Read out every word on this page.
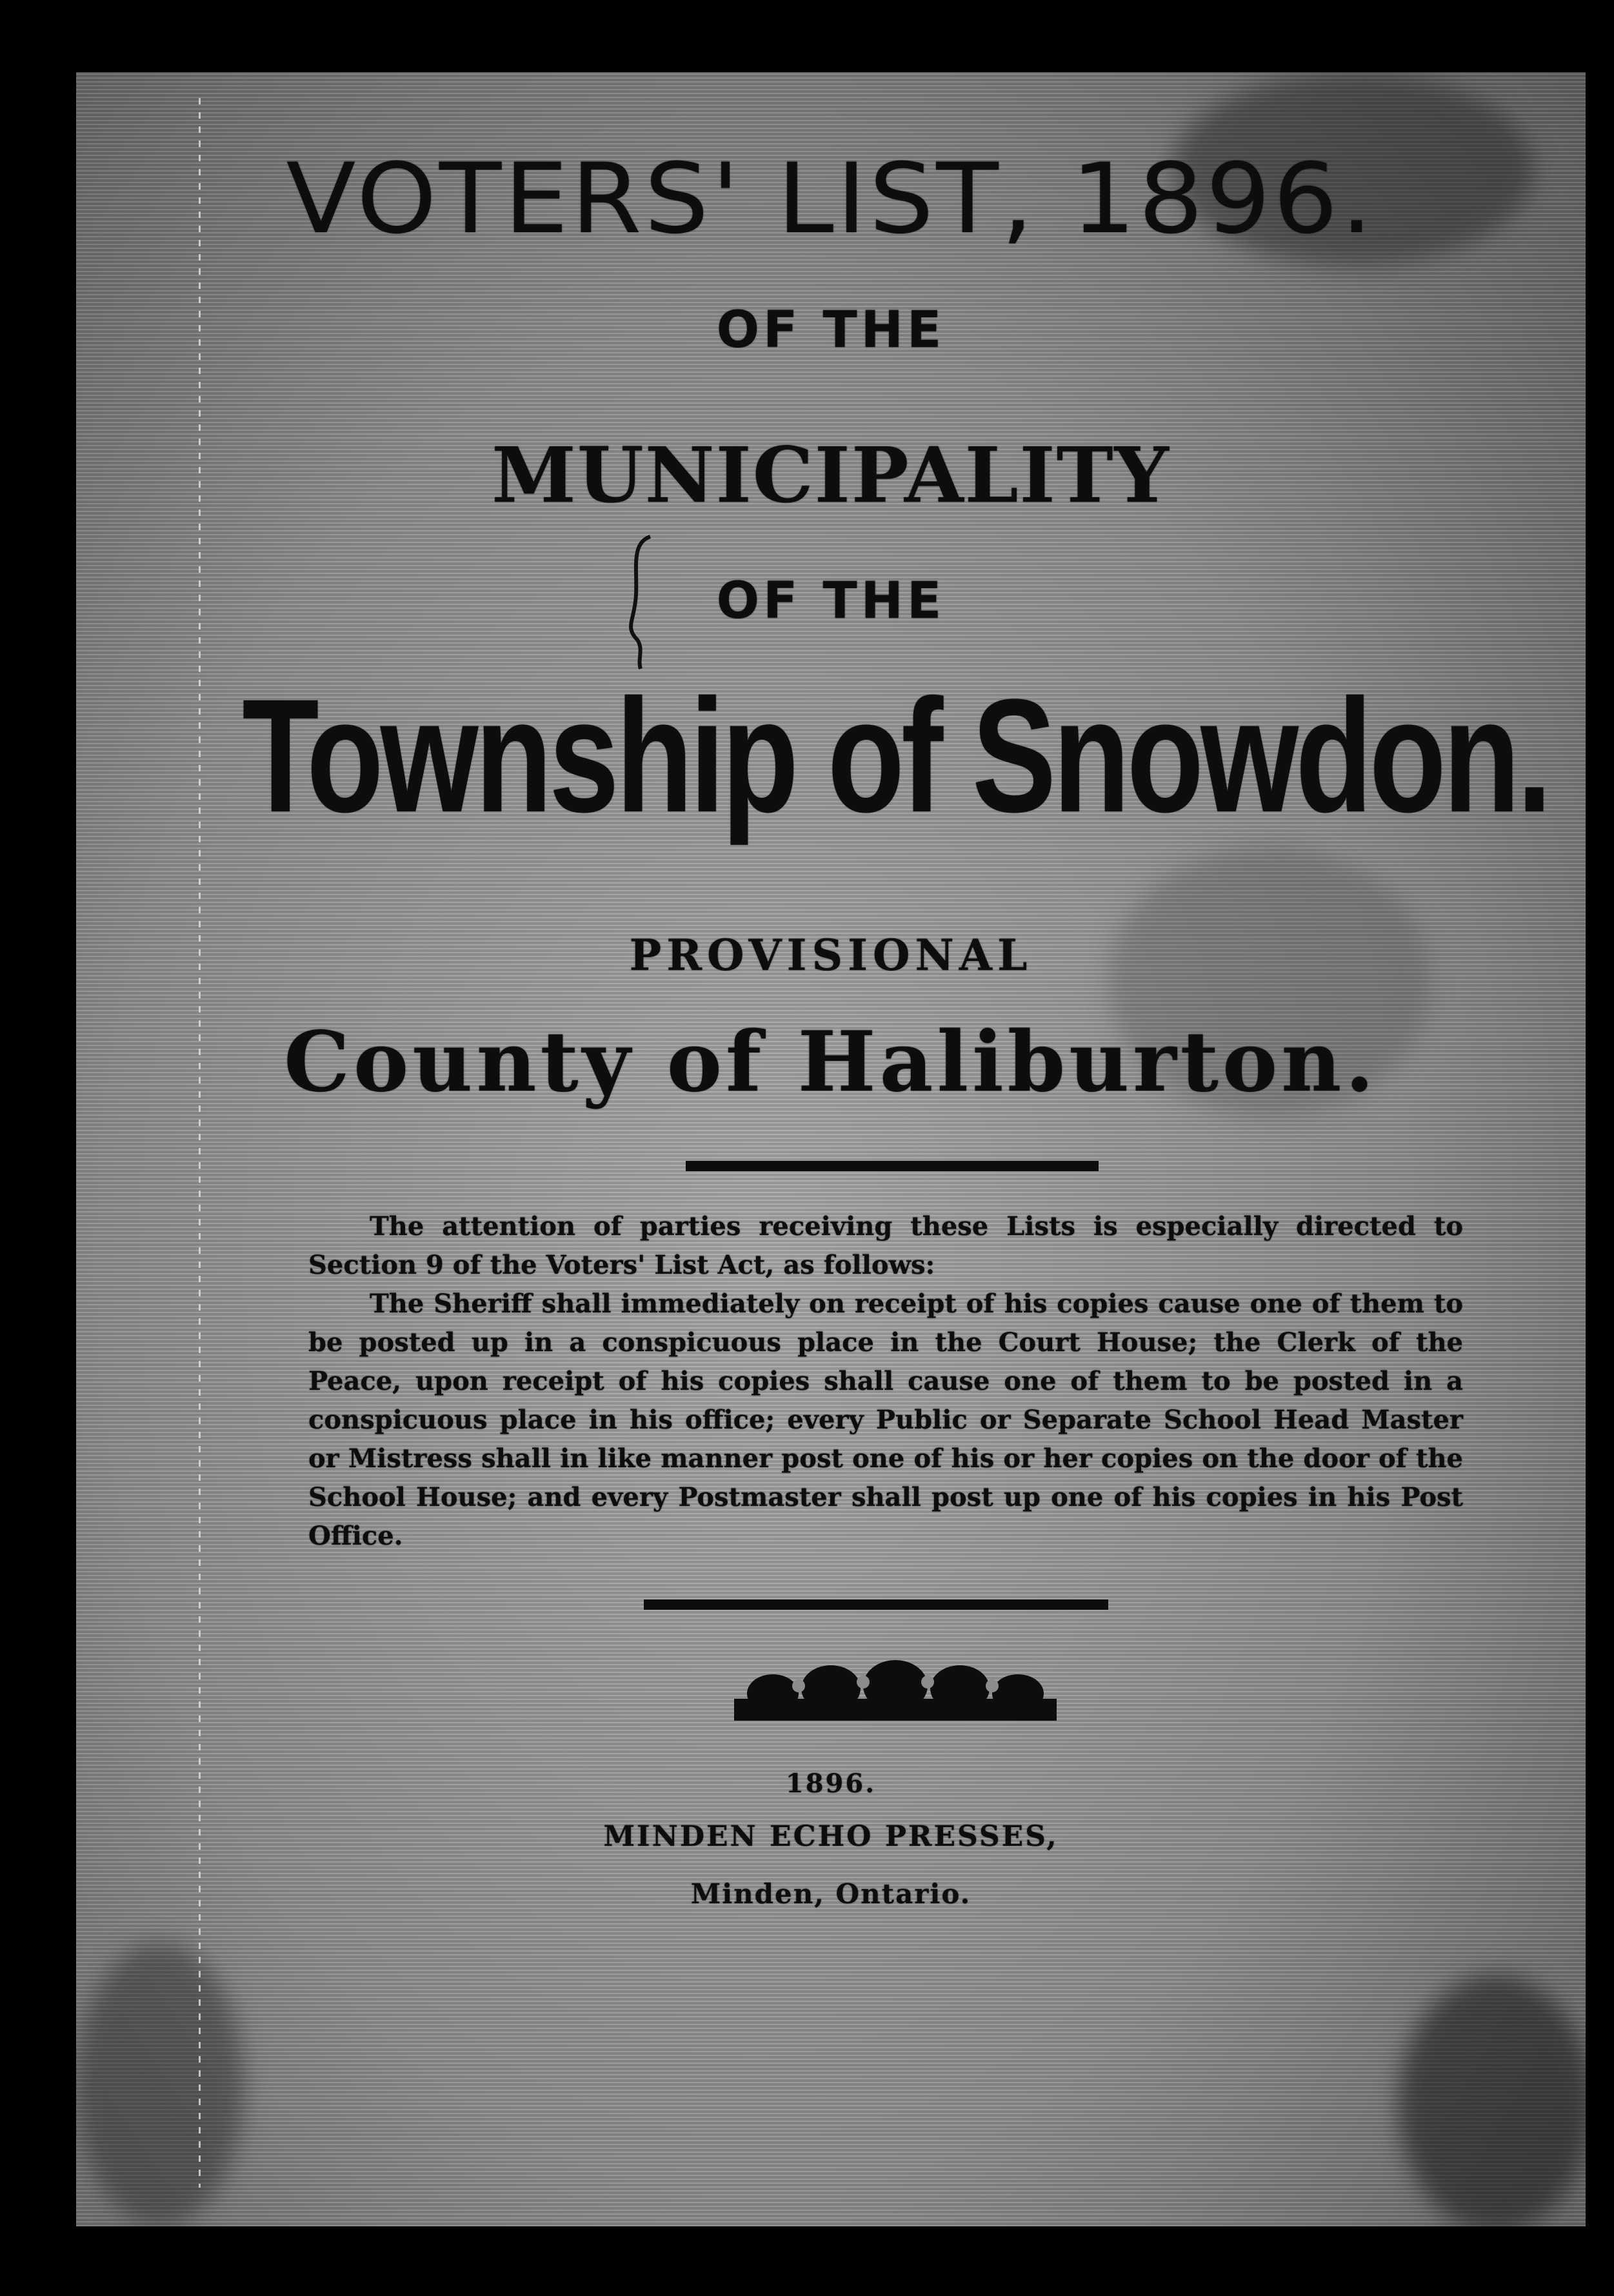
VOTERS' LIST, 1896.
OF THE
MUNICIPALITY
OF THE
Township of Snowdon.
PROVISIONAL
County of Haliburton.

The attention of parties receiving these Lists is especially directed to Section 9 of the Voters' List Act, as follows:

The Sheriff shall immediately on receipt of his copies cause one of them to be posted up in a conspicuous place in the Court House; the Clerk of the Peace, upon receipt of his copies shall cause one of them to be posted in a conspicuous place in his office; every Public or Separate School Head Master or Mistress shall in like manner post one of his or her copies on the door of the School House; and every Postmaster shall post up one of his copies in his Post Office.

1896.
MINDEN ECHO PRESSES,
Minden, Ontario.
